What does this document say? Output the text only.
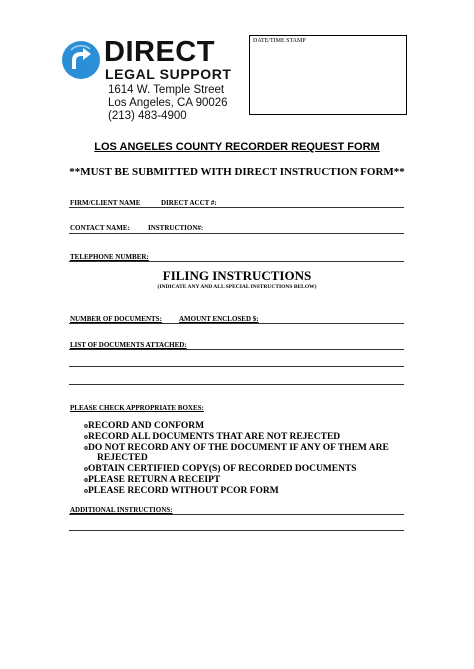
DIRECT
LEGAL SUPPORT
1614 W. Temple Street
Los Angeles, CA 90026
(213) 483-4900
DATE/TIME STAMP
LOS ANGELES COUNTY RECORDER REQUEST FORM
**MUST BE SUBMITTED WITH DIRECT INSTRUCTION FORM**
FIRM/CLIENT NAME	DIRECT ACCT #:
CONTACT NAME:	INSTRUCTION#:
TELEPHONE NUMBER:
FILING INSTRUCTIONS
(INDICATE ANY AND ALL SPECIAL INSTRUCTIONS BELOW)
NUMBER OF DOCUMENTS: AMOUNT ENCLOSED $:
LIST OF DOCUMENTS ATTACHED:
PLEASE CHECK APPROPRIATE BOXES:
oRECORD AND CONFORM
oRECORD ALL DOCUMENTS THAT ARE NOT REJECTED
oDO NOT RECORD ANY OF THE DOCUMENT IF ANY OF THEM ARE
REJECTED
oOBTAIN CERTIFIED COPY(S) OF RECORDED DOCUMENTS
oPLEASE RETURN A RECEIPT
oPLEASE RECORD WITHOUT PCOR FORM
ADDITIONAL INSTRUCTIONS:
